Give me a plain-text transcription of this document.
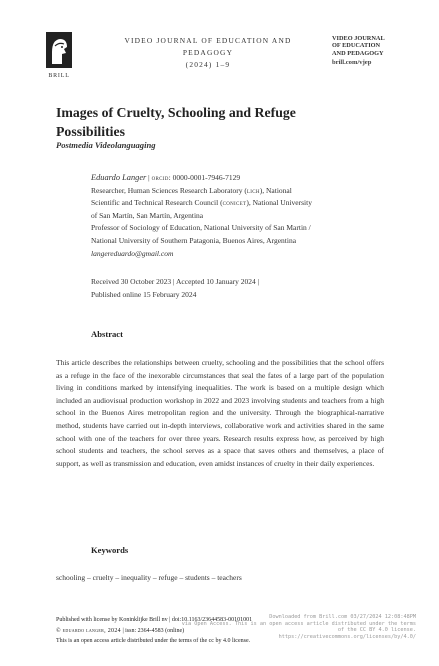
BRILL
VIDEO JOURNAL OF EDUCATION AND PEDAGOGY
(2024) 1–9
VIDEO JOURNAL
OF EDUCATION
AND PEDAGOGY
brill.com/vjep
Images of Cruelty, Schooling and Refuge
Possibilities
Postmedia Videolanguaging
Eduardo Langer | orcid: 0000-0001-7946-7129
Researcher, Human Sciences Research Laboratory (lich), National
Scientific and Technical Research Council (conicet), National University
of San Martín, San Martín, Argentina
Professor of Sociology of Education, National University of San Martin /
National University of Southern Patagonia, Buenos Aires, Argentina
langereduardo@gmail.com
Received 30 October 2023 | Accepted 10 January 2024 |
Published online 15 February 2024
Abstract
This article describes the relationships between cruelty, schooling and the possibilities that the school offers as a refuge in the face of the inexorable circumstances that seal the fates of a large part of the population living in conditions marked by intensifying inequalities. The work is based on a multiple design which included an audiovisual production workshop in 2022 and 2023 involving students and teachers from a high school in the Buenos Aires metropolitan region and the university. Through the biographical-narrative method, students have carried out in-depth interviews, collaborative work and activities shared in the same school with one of the teachers for over three years. Research results express how, as perceived by high school students and teachers, the school serves as a space that saves others and themselves, a place of support, as well as transmission and education, even amidst instances of cruelty in their daily experiences.
Keywords
schooling – cruelty – inequality – refuge – students – teachers
Published with license by Koninklijke Brill nv | doi:10.1163/23644583-00101001
© eduardo langer, 2024 | issn: 2364-4583 (online)
This is an open access article distributed under the terms of the cc by 4.0 license.
Downloaded from Brill.com 03/27/2024 12:08:48PM
via Open Access. This is an open access article distributed under the terms
of the CC BY 4.0 license.
https://creativecommons.org/licenses/by/4.0/
